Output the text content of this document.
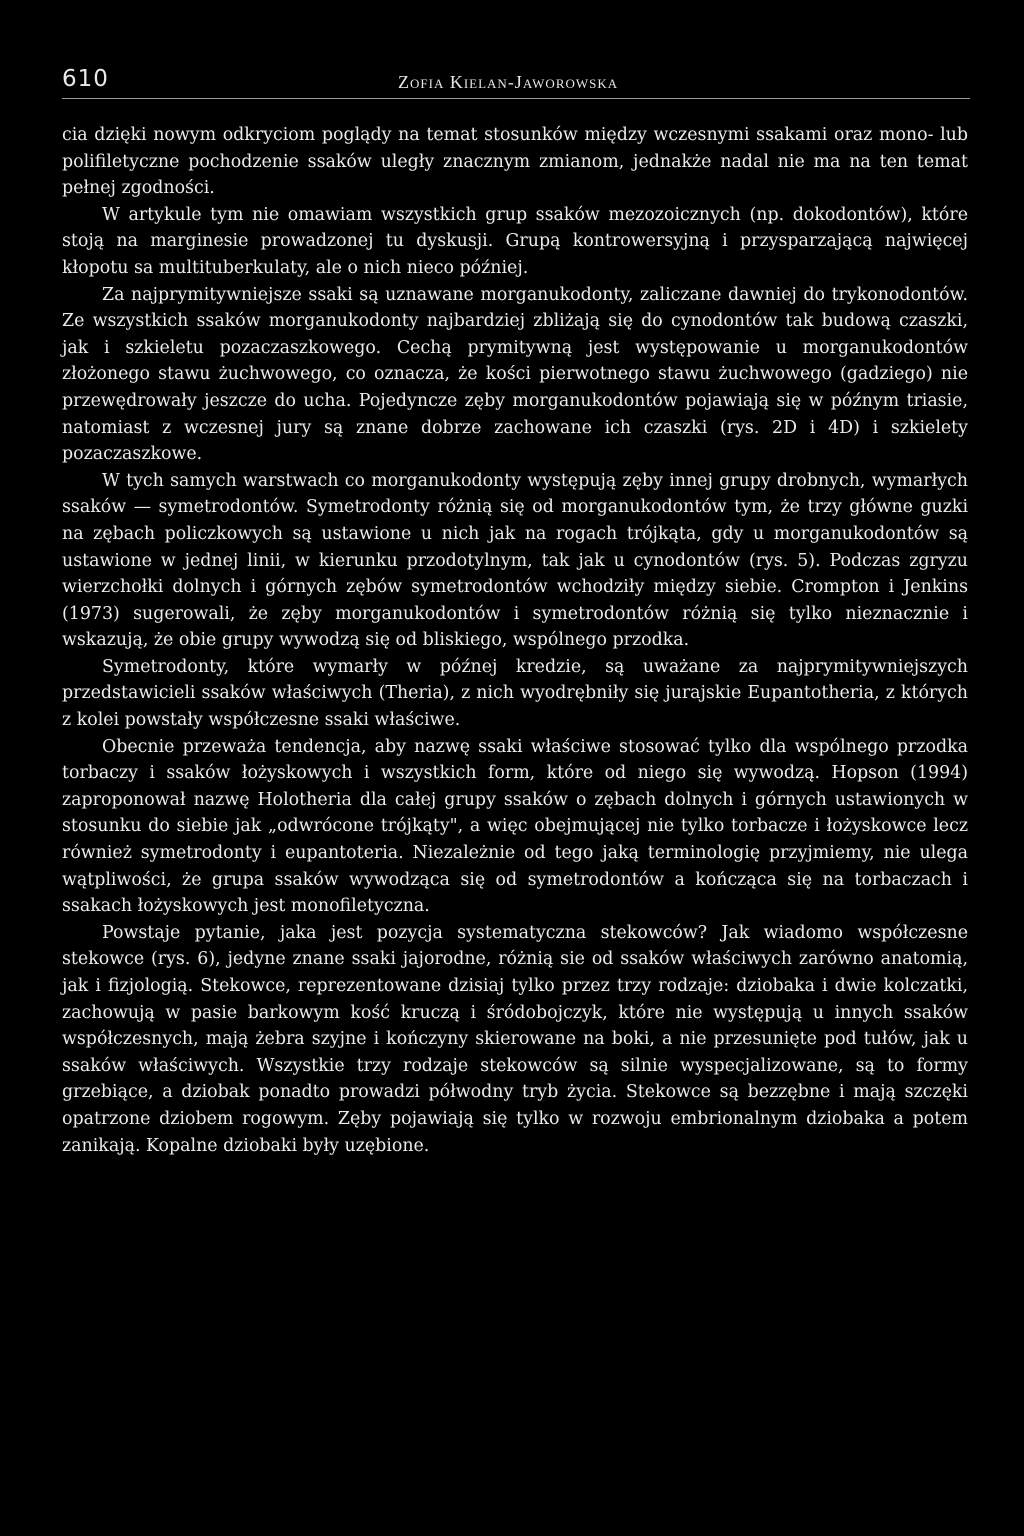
610	Zofia Kielan-Jaworowska

cia dzięki nowym odkryciom poglądy na temat stosunków między wczesnymi ssakami oraz mono- lub polifiletyczne pochodzenie ssaków uległy znacznym zmianom, jednakże nadal nie ma na ten temat pełnej zgodności.

W artykule tym nie omawiam wszystkich grup ssaków mezozoicznych (np. dokodontów), które stoją na marginesie prowadzonej tu dyskusji. Grupą kontrowersyjną i przysparzającą najwięcej kłopotu sa multituberkulaty, ale o nich nieco później.

Za najprymitywniejsze ssaki są uznawane morganukodonty, zaliczane dawniej do trykonodontów. Ze wszystkich ssaków morganukodonty najbardziej zbliżają się do cynodontów tak budową czaszki, jak i szkieletu pozaczaszkowego. Cechą prymitywną jest występowanie u morganukodontów złożonego stawu żuchwowego, co oznacza, że kości pierwotnego stawu żuchwowego (gadziego) nie przewędrowały jeszcze do ucha. Pojedyncze zęby morganukodontów pojawiają się w późnym triasie, natomiast z wczesnej jury są znane dobrze zachowane ich czaszki (rys. 2D i 4D) i szkielety pozaczaszkowe.

W tych samych warstwach co morganukodonty występują zęby innej grupy drobnych, wymarłych ssaków — symetrodontów. Symetrodonty różnią się od morganukodontów tym, że trzy główne guzki na zębach policzkowych są ustawione u nich jak na rogach trójkąta, gdy u morganukodontów są ustawione w jednej linii, w kierunku przodotylnym, tak jak u cynodontów (rys. 5). Podczas zgryzu wierzchołki dolnych i górnych zębów symetrodontów wchodziły między siebie. Crompton i Jenkins (1973) sugerowali, że zęby morganukodontów i symetrodontów różnią się tylko nieznacznie i wskazują, że obie grupy wywodzą się od bliskiego, wspólnego przodka.

Symetrodonty, które wymarły w późnej kredzie, są uważane za najprymitywniejszych przedstawicieli ssaków właściwych (Theria), z nich wyodrębniły się jurajskie Eupantotheria, z których z kolei powstały współczesne ssaki właściwe.

Obecnie przeważa tendencja, aby nazwę ssaki właściwe stosować tylko dla wspólnego przodka torbaczy i ssaków łożyskowych i wszystkich form, które od niego się wywodzą. Hopson (1994) zaproponował nazwę Holotheria dla całej grupy ssaków o zębach dolnych i górnych ustawionych w stosunku do siebie jak „odwrócone trójkąty", a więc obejmującej nie tylko torbacze i łożyskowce lecz również symetrodonty i eupantoteria. Niezależnie od tego jaką terminologię przyjmiemy, nie ulega wątpliwości, że grupa ssaków wywodząca się od symetrodontów a kończąca się na torbaczach i ssakach łożyskowych jest monofiletyczna.

Powstaje pytanie, jaka jest pozycja systematyczna stekowców? Jak wiadomo współczesne stekowce (rys. 6), jedyne znane ssaki jajorodne, różnią sie od ssaków właściwych zarówno anatomią, jak i fizjologią. Stekowce, reprezentowane dzisiaj tylko przez trzy rodzaje: dziobaka i dwie kolczatki, zachowują w pasie barkowym kość kruczą i śródobojczyk, które nie występują u innych ssaków współczesnych, mają żebra szyjne i kończyny skierowane na boki, a nie przesunięte pod tułów, jak u ssaków właściwych. Wszystkie trzy rodzaje stekowców są silnie wyspecjalizowane, są to formy grzebiące, a dziobak ponadto prowadzi półwodny tryb życia. Stekowce są bezzębne i mają szczęki opatrzone dziobem rogowym. Zęby pojawiają się tylko w rozwoju embrionalnym dziobaka a potem zanikają. Kopalne dziobaki były uzębione.
